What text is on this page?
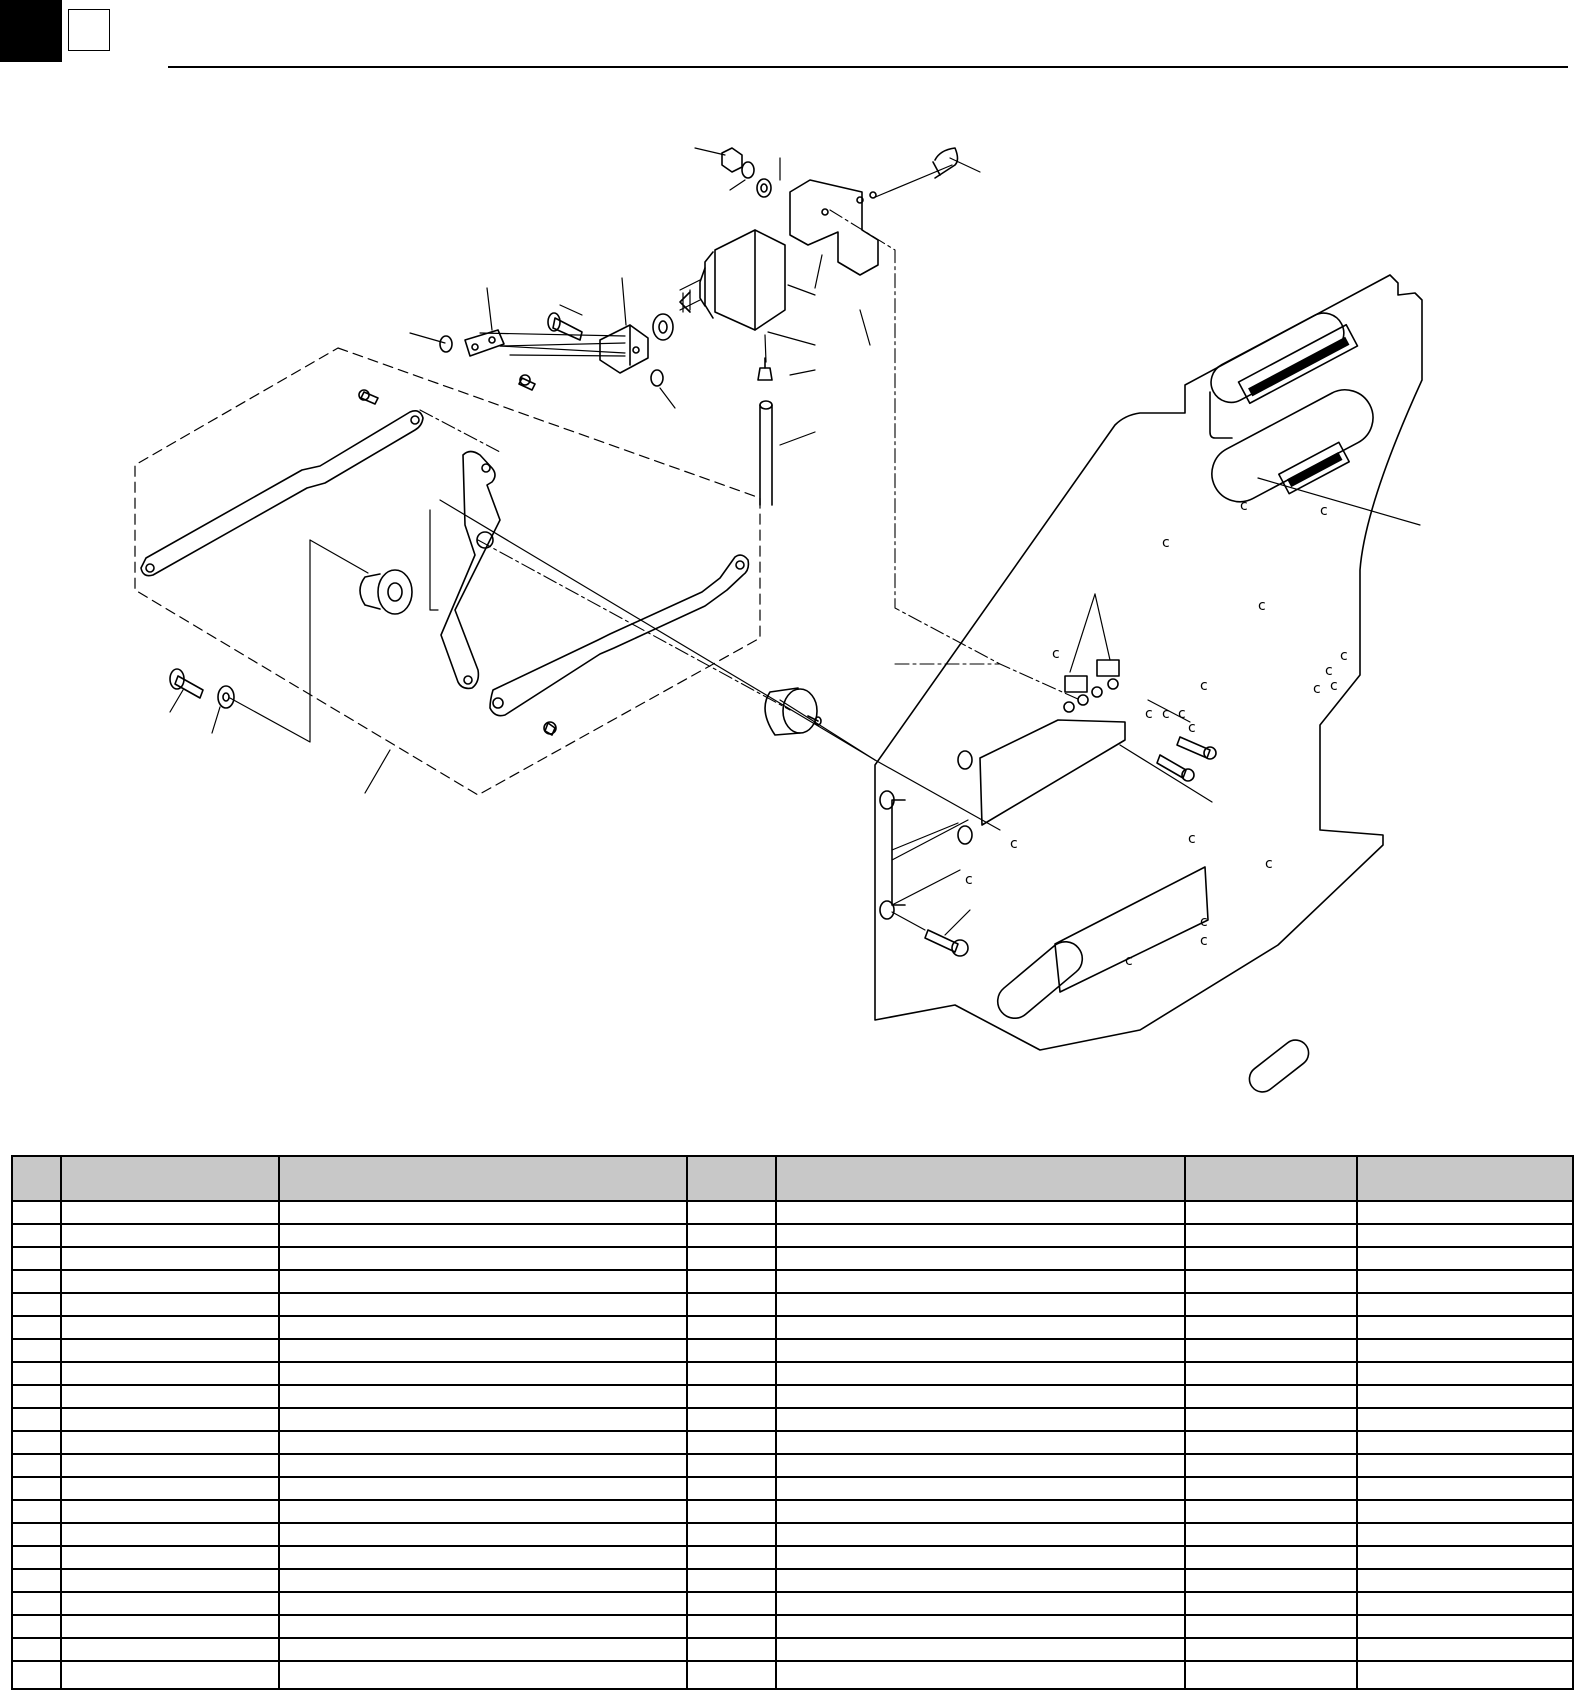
c	c
c
c
c	c
c
c	c
c
c c c
c
c
c
c
c
c
c
c
